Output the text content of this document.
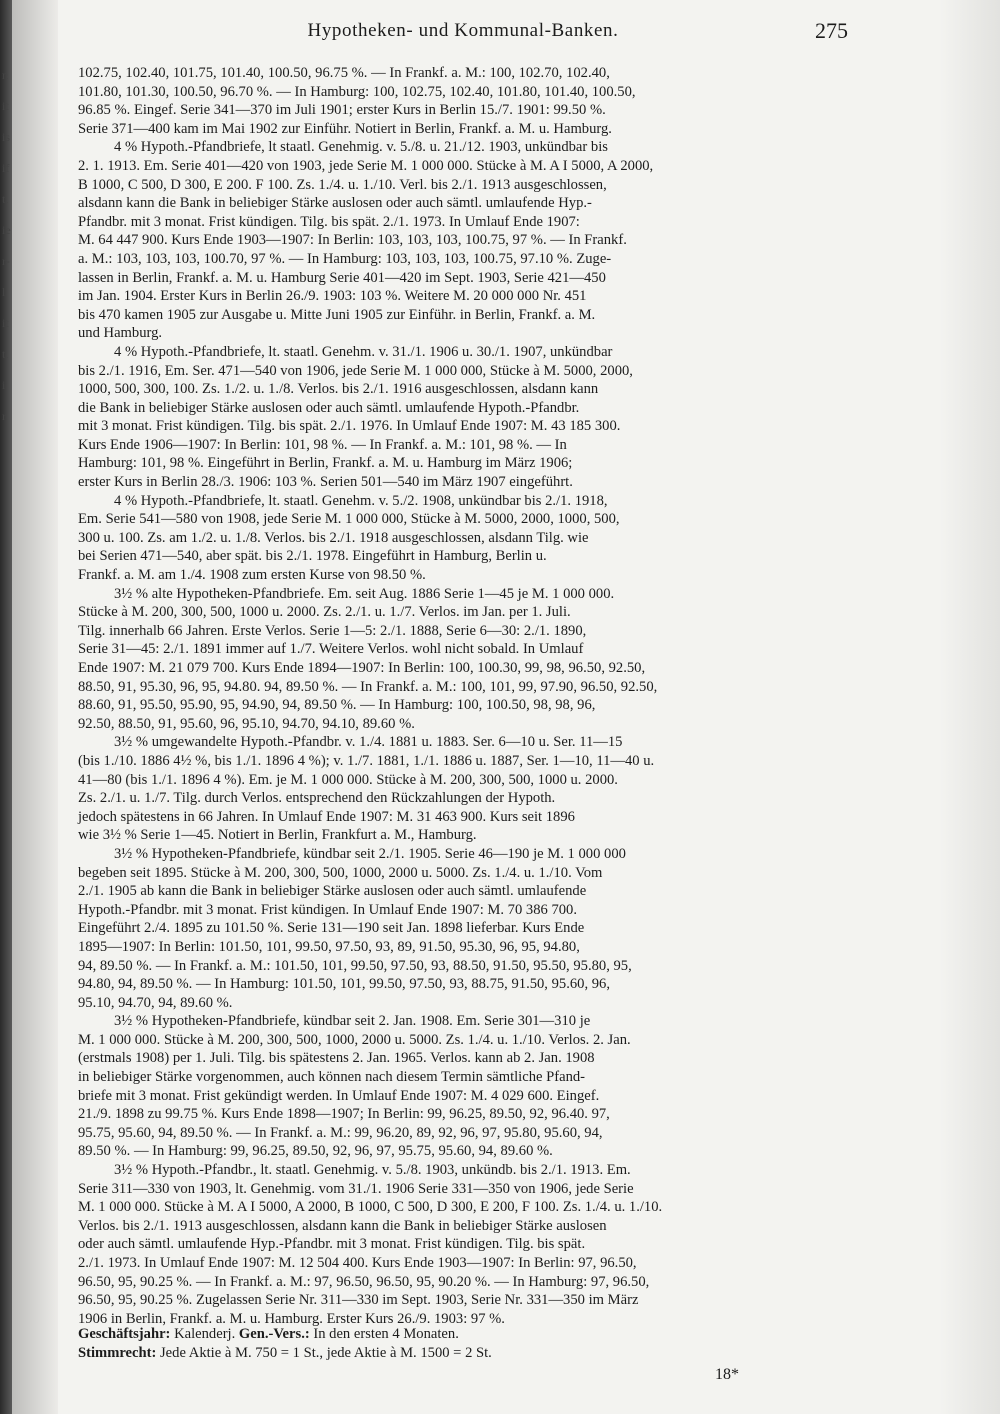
n
it
is
if
t.
ie
r-
l
it
t.
i
r
Hypotheken- und Kommunal-Banken.	275
102.75, 102.40, 101.75, 101.40, 100.50, 96.75 %. — In Frankf. a. M.: 100, 102.70, 102.40,
101.80, 101.30, 100.50, 96.70 %. — In Hamburg: 100, 102.75, 102.40, 101.80, 101.40, 100.50,
96.85 %. Eingef. Serie 341—370 im Juli 1901; erster Kurs in Berlin 15./7. 1901: 99.50 %.
Serie 371—400 kam im Mai 1902 zur Einführ. Notiert in Berlin, Frankf. a. M. u. Hamburg.
4 % Hypoth.-Pfandbriefe, lt staatl. Genehmig. v. 5./8. u. 21./12. 1903, unkündbar bis
2. 1. 1913. Em. Serie 401—420 von 1903, jede Serie M. 1 000 000. Stücke à M. A I 5000, A 2000,
B 1000, C 500, D 300, E 200. F 100. Zs. 1./4. u. 1./10. Verl. bis 2./1. 1913 ausgeschlossen,
alsdann kann die Bank in beliebiger Stärke auslosen oder auch sämtl. umlaufende Hyp.-
Pfandbr. mit 3 monat. Frist kündigen. Tilg. bis spät. 2./1. 1973. In Umlauf Ende 1907:
M. 64 447 900. Kurs Ende 1903—1907: In Berlin: 103, 103, 103, 100.75, 97 %. — In Frankf.
a. M.: 103, 103, 103, 100.70, 97 %. — In Hamburg: 103, 103, 103, 100.75, 97.10 %. Zuge-
lassen in Berlin, Frankf. a. M. u. Hamburg Serie 401—420 im Sept. 1903, Serie 421—450
im Jan. 1904. Erster Kurs in Berlin 26./9. 1903: 103 %. Weitere M. 20 000 000 Nr. 451
bis 470 kamen 1905 zur Ausgabe u. Mitte Juni 1905 zur Einführ. in Berlin, Frankf. a. M.
und Hamburg.
4 % Hypoth.-Pfandbriefe, lt. staatl. Genehm. v. 31./1. 1906 u. 30./1. 1907, unkündbar
bis 2./1. 1916, Em. Ser. 471—540 von 1906, jede Serie M. 1 000 000, Stücke à M. 5000, 2000,
1000, 500, 300, 100. Zs. 1./2. u. 1./8. Verlos. bis 2./1. 1916 ausgeschlossen, alsdann kann
die Bank in beliebiger Stärke auslosen oder auch sämtl. umlaufende Hypoth.-Pfandbr.
mit 3 monat. Frist kündigen. Tilg. bis spät. 2./1. 1976. In Umlauf Ende 1907: M. 43 185 300.
Kurs Ende 1906—1907: In Berlin: 101, 98 %. — In Frankf. a. M.: 101, 98 %. — In
Hamburg: 101, 98 %. Eingeführt in Berlin, Frankf. a. M. u. Hamburg im März 1906;
erster Kurs in Berlin 28./3. 1906: 103 %. Serien 501—540 im März 1907 eingeführt.
4 % Hypoth.-Pfandbriefe, lt. staatl. Genehm. v. 5./2. 1908, unkündbar bis 2./1. 1918,
Em. Serie 541—580 von 1908, jede Serie M. 1 000 000, Stücke à M. 5000, 2000, 1000, 500,
300 u. 100. Zs. am 1./2. u. 1./8. Verlos. bis 2./1. 1918 ausgeschlossen, alsdann Tilg. wie
bei Serien 471—540, aber spät. bis 2./1. 1978. Eingeführt in Hamburg, Berlin u.
Frankf. a. M. am 1./4. 1908 zum ersten Kurse von 98.50 %.
3½ % alte Hypotheken-Pfandbriefe. Em. seit Aug. 1886 Serie 1—45 je M. 1 000 000.
Stücke à M. 200, 300, 500, 1000 u. 2000. Zs. 2./1. u. 1./7. Verlos. im Jan. per 1. Juli.
Tilg. innerhalb 66 Jahren. Erste Verlos. Serie 1—5: 2./1. 1888, Serie 6—30: 2./1. 1890,
Serie 31—45: 2./1. 1891 immer auf 1./7. Weitere Verlos. wohl nicht sobald. In Umlauf
Ende 1907: M. 21 079 700. Kurs Ende 1894—1907: In Berlin: 100, 100.30, 99, 98, 96.50, 92.50,
88.50, 91, 95.30, 96, 95, 94.80. 94, 89.50 %. — In Frankf. a. M.: 100, 101, 99, 97.90, 96.50, 92.50,
88.60, 91, 95.50, 95.90, 95, 94.90, 94, 89.50 %. — In Hamburg: 100, 100.50, 98, 98, 96,
92.50, 88.50, 91, 95.60, 96, 95.10, 94.70, 94.10, 89.60 %.
3½ % umgewandelte Hypoth.-Pfandbr. v. 1./4. 1881 u. 1883. Ser. 6—10 u. Ser. 11—15
(bis 1./10. 1886 4½ %, bis 1./1. 1896 4 %); v. 1./7. 1881, 1./1. 1886 u. 1887, Ser. 1—10, 11—40 u.
41—80 (bis 1./1. 1896 4 %). Em. je M. 1 000 000. Stücke à M. 200, 300, 500, 1000 u. 2000.
Zs. 2./1. u. 1./7. Tilg. durch Verlos. entsprechend den Rückzahlungen der Hypoth.
jedoch spätestens in 66 Jahren. In Umlauf Ende 1907: M. 31 463 900. Kurs seit 1896
wie 3½ % Serie 1—45. Notiert in Berlin, Frankfurt a. M., Hamburg.
3½ % Hypotheken-Pfandbriefe, kündbar seit 2./1. 1905. Serie 46—190 je M. 1 000 000
begeben seit 1895. Stücke à M. 200, 300, 500, 1000, 2000 u. 5000. Zs. 1./4. u. 1./10. Vom
2./1. 1905 ab kann die Bank in beliebiger Stärke auslosen oder auch sämtl. umlaufende
Hypoth.-Pfandbr. mit 3 monat. Frist kündigen. In Umlauf Ende 1907: M. 70 386 700.
Eingeführt 2./4. 1895 zu 101.50 %. Serie 131—190 seit Jan. 1898 lieferbar. Kurs Ende
1895—1907: In Berlin: 101.50, 101, 99.50, 97.50, 93, 89, 91.50, 95.30, 96, 95, 94.80,
94, 89.50 %. — In Frankf. a. M.: 101.50, 101, 99.50, 97.50, 93, 88.50, 91.50, 95.50, 95.80, 95,
94.80, 94, 89.50 %. — In Hamburg: 101.50, 101, 99.50, 97.50, 93, 88.75, 91.50, 95.60, 96,
95.10, 94.70, 94, 89.60 %.
3½ % Hypotheken-Pfandbriefe, kündbar seit 2. Jan. 1908. Em. Serie 301—310 je
M. 1 000 000. Stücke à M. 200, 300, 500, 1000, 2000 u. 5000. Zs. 1./4. u. 1./10. Verlos. 2. Jan.
(erstmals 1908) per 1. Juli. Tilg. bis spätestens 2. Jan. 1965. Verlos. kann ab 2. Jan. 1908
in beliebiger Stärke vorgenommen, auch können nach diesem Termin sämtliche Pfand-
briefe mit 3 monat. Frist gekündigt werden. In Umlauf Ende 1907: M. 4 029 600. Eingef.
21./9. 1898 zu 99.75 %. Kurs Ende 1898—1907; In Berlin: 99, 96.25, 89.50, 92, 96.40. 97,
95.75, 95.60, 94, 89.50 %. — In Frankf. a. M.: 99, 96.20, 89, 92, 96, 97, 95.80, 95.60, 94,
89.50 %. — In Hamburg: 99, 96.25, 89.50, 92, 96, 97, 95.75, 95.60, 94, 89.60 %.
3½ % Hypoth.-Pfandbr., lt. staatl. Genehmig. v. 5./8. 1903, unkündb. bis 2./1. 1913. Em.
Serie 311—330 von 1903, lt. Genehmig. vom 31./1. 1906 Serie 331—350 von 1906, jede Serie
M. 1 000 000. Stücke à M. A I 5000, A 2000, B 1000, C 500, D 300, E 200, F 100. Zs. 1./4. u. 1./10.
Verlos. bis 2./1. 1913 ausgeschlossen, alsdann kann die Bank in beliebiger Stärke auslosen
oder auch sämtl. umlaufende Hyp.-Pfandbr. mit 3 monat. Frist kündigen. Tilg. bis spät.
2./1. 1973. In Umlauf Ende 1907: M. 12 504 400. Kurs Ende 1903—1907: In Berlin: 97, 96.50,
96.50, 95, 90.25 %. — In Frankf. a. M.: 97, 96.50, 96.50, 95, 90.20 %. — In Hamburg: 97, 96.50,
96.50, 95, 90.25 %. Zugelassen Serie Nr. 311—330 im Sept. 1903, Serie Nr. 331—350 im März
1906 in Berlin, Frankf. a. M. u. Hamburg. Erster Kurs 26./9. 1903: 97 %.
Geschäftsjahr: Kalenderj. Gen.-Vers.: In den ersten 4 Monaten.
Stimmrecht: Jede Aktie à M. 750 = 1 St., jede Aktie à M. 1500 = 2 St.
18*
